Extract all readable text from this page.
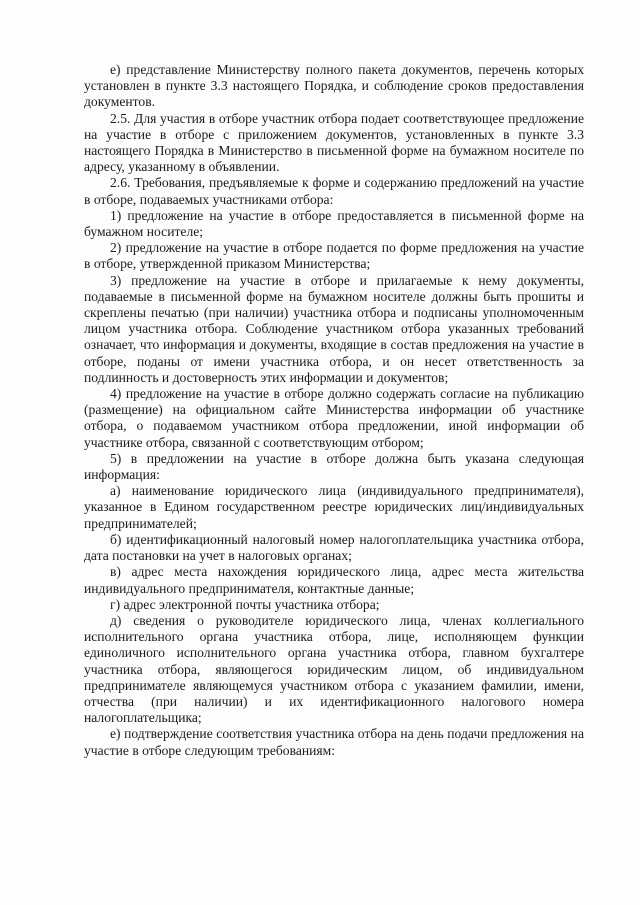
е) представление Министерству полного пакета документов, перечень которых установлен в пункте 3.3 настоящего Порядка, и соблюдение сроков предоставления документов.

2.5. Для участия в отборе участник отбора подает соответствующее предложение на участие в отборе с приложением документов, установленных в пункте 3.3 настоящего Порядка в Министерство в письменной форме на бумажном носителе по адресу, указанному в объявлении.

2.6. Требования, предъявляемые к форме и содержанию предложений на участие в отборе, подаваемых участниками отбора:

1) предложение на участие в отборе предоставляется в письменной форме на бумажном носителе;

2) предложение на участие в отборе подается по форме предложения на участие в отборе, утвержденной приказом Министерства;

3) предложение на участие в отборе и прилагаемые к нему документы, подаваемые в письменной форме на бумажном носителе должны быть прошиты и скреплены печатью (при наличии) участника отбора и подписаны уполномоченным лицом участника отбора. Соблюдение участником отбора указанных требований означает, что информация и документы, входящие в состав предложения на участие в отборе, поданы от имени участника отбора, и он несет ответственность за подлинность и достоверность этих информации и документов;

4) предложение на участие в отборе должно содержать согласие на публикацию (размещение) на официальном сайте Министерства информации об участнике отбора, о подаваемом участником отбора предложении, иной информации об участнике отбора, связанной с соответствующим отбором;

5) в предложении на участие в отборе должна быть указана следующая информация:

а) наименование юридического лица (индивидуального предпринимателя), указанное в Едином государственном реестре юридических лиц/индивидуальных предпринимателей;

б) идентификационный налоговый номер налогоплательщика участника отбора, дата постановки на учет в налоговых органах;

в) адрес места нахождения юридического лица, адрес места жительства индивидуального предпринимателя, контактные данные;

г) адрес электронной почты участника отбора;

д) сведения о руководителе юридического лица, членах коллегиального исполнительного органа участника отбора, лице, исполняющем функции единоличного исполнительного органа участника отбора, главном бухгалтере участника отбора, являющегося юридическим лицом, об индивидуальном предпринимателе являющемуся участником отбора с указанием фамилии, имени, отчества (при наличии) и их идентификационного налогового номера налогоплательщика;

е) подтверждение соответствия участника отбора на день подачи предложения на участие в отборе следующим требованиям:
